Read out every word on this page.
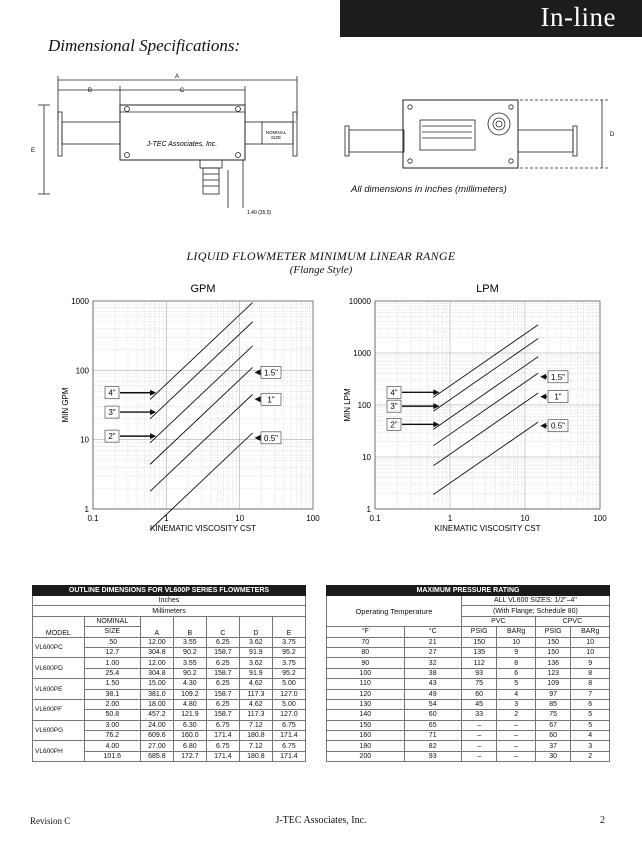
In-line
Dimensional Specifications:
A
B	C
E
D
J-TEC Associates, Inc.
NOMINAL
SIZE
1.40 (35.5)
All dimensions in inches (millimeters)
LIQUID FLOWMETER MINIMUM LINEAR RANGE
(Flange Style)
GPM
0.1	1	10	100
1
10
100
1000
KINEMATIC VISCOSITY CST
MIN GPM	4"
3"
2"
1.5"
1"
0.5"
LPM
0.1	1	10	100
1
10
100
1000
10000
KINEMATIC VISCOSITY CST
MIN LPM	4"
3"
2"
1.5"
1"
0.5"
OUTLINE DIMENSIONS FOR VL600P SERIES FLOWMETERS						
Inches						
Millimeters						
MODEL	NOMINAL	A	B	C	D	E
	SIZE					
VL600PC	.50	12.00	3.55	6.25	3.62	3.75
	12.7	304.8	90.2	158.7	91.9	95.2
VL600PD	1.00	12.00	3.55	6.25	3.62	3.75
	25.4	304.8	90.2	158.7	91.9	95.2
VL600PE	1.50	15.00	4.30	6.25	4.62	5.00
	38.1	381.0	109.2	158.7	117.3	127.0
VL600PF	2.00	18.00	4.80	6.25	4.62	5.00
	50.8	457.2	121.9	158.7	117.3	127.0
VL600PG	3.00	24.00	6.30	6.75	7.12	6.75
	76.2	609.6	160.0	171.4	180.8	171.4
VL600PH	4.00	27.00	6.80	6.75	7.12	6.75
	101.6	685.8	172.7	171.4	180.8	171.4
MAXIMUM PRESSURE RATING					
Operating Temperature		ALL VL600 SIZES: 1/2"–4"			
		(With Flange; Schedule 80)			
		PVC		CPVC	
°F	°C	PSIG	BARg	PSIG	BARg
70	21	150	10	150	10
80	27	135	9	150	10
90	32	112	8	136	9
100	38	93	6	123	8
110	43	75	5	109	8
120	49	60	4	97	7
130	54	45	3	85	6
140	60	33	2	75	5
150	65	–	–	67	5
160	71	–	–	60	4
180	82	–	–	37	3
200	93	–	–	30	2
Revision C	J-TEC Associates, Inc.	2
